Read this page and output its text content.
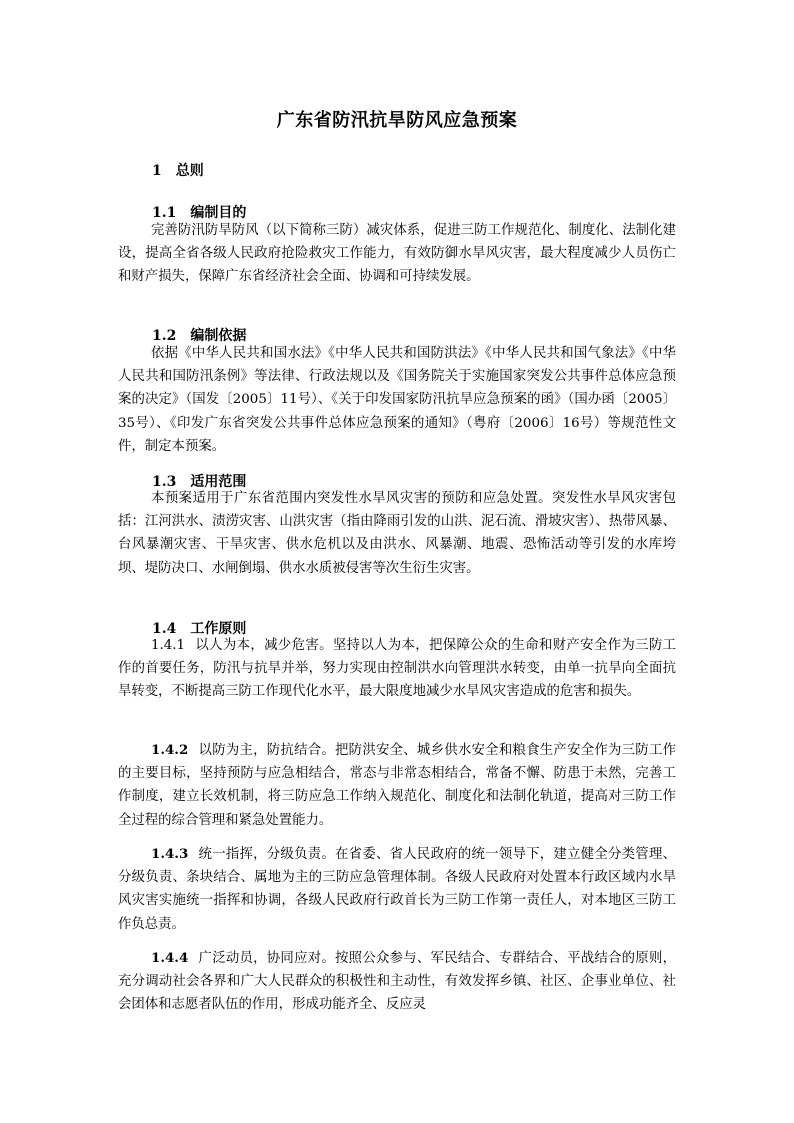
广东省防汛抗旱防风应急预案
1 总则
1.1 编制目的
完善防汛防旱防风（以下简称三防）减灾体系，促进三防工作规范化、制度化、法制化建设，提高全省各级人民政府抢险救灾工作能力，有效防御水旱风灾害，最大程度减少人员伤亡和财产损失，保障广东省经济社会全面、协调和可持续发展。
1.2 编制依据
依据《中华人民共和国水法》《中华人民共和国防洪法》《中华人民共和国气象法》《中华人民共和国防汛条例》等法律、行政法规以及《国务院关于实施国家突发公共事件总体应急预案的决定》（国发〔2005〕11号）、《关于印发国家防汛抗旱应急预案的函》（国办函〔2005〕35号）、《印发广东省突发公共事件总体应急预案的通知》（粤府〔2006〕16号）等规范性文件，制定本预案。
1.3 适用范围
本预案适用于广东省范围内突发性水旱风灾害的预防和应急处置。突发性水旱风灾害包括：江河洪水、渍涝灾害、山洪灾害（指由降雨引发的山洪、泥石流、滑坡灾害）、热带风暴、台风暴潮灾害、干旱灾害、供水危机以及由洪水、风暴潮、地震、恐怖活动等引发的水库垮坝、堤防决口、水闸倒塌、供水水质被侵害等次生衍生灾害。
1.4 工作原则
1.4.1 以人为本，减少危害。坚持以人为本，把保障公众的生命和财产安全作为三防工作的首要任务，防汛与抗旱并举，努力实现由控制洪水向管理洪水转变，由单一抗旱向全面抗旱转变，不断提高三防工作现代化水平，最大限度地减少水旱风灾害造成的危害和损失。
1.4.2 以防为主，防抗结合。把防洪安全、城乡供水安全和粮食生产安全作为三防工作的主要目标，坚持预防与应急相结合，常态与非常态相结合，常备不懈、防患于未然，完善工作制度，建立长效机制，将三防应急工作纳入规范化、制度化和法制化轨道，提高对三防工作全过程的综合管理和紧急处置能力。
1.4.3 统一指挥，分级负责。在省委、省人民政府的统一领导下，建立健全分类管理、分级负责、条块结合、属地为主的三防应急管理体制。各级人民政府对处置本行政区域内水旱风灾害实施统一指挥和协调，各级人民政府行政首长为三防工作第一责任人，对本地区三防工作负总责。
1.4.4 广泛动员，协同应对。按照公众参与、军民结合、专群结合、平战结合的原则，充分调动社会各界和广大人民群众的积极性和主动性，有效发挥乡镇、社区、企事业单位、社会团体和志愿者队伍的作用，形成功能齐全、反应灵
